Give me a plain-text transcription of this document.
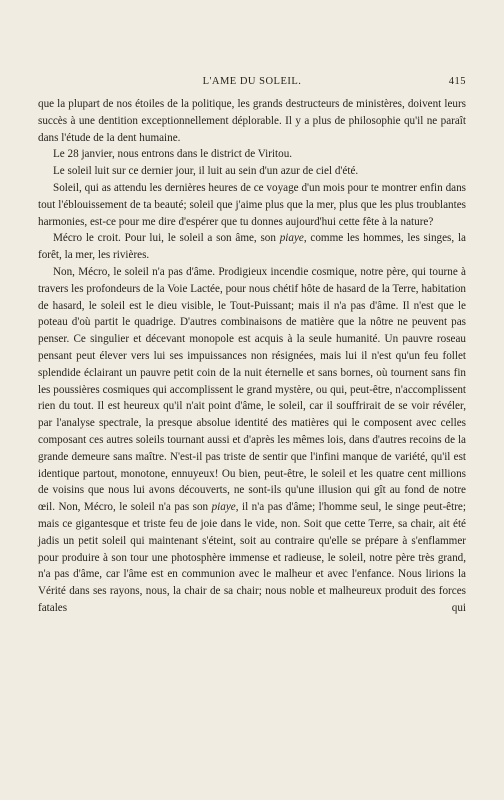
L'AME DU SOLEIL.	415

que la plupart de nos étoiles de la politique, les grands destructeurs de ministères, doivent leurs succès à une dentition exceptionnellement déplorable. Il y a plus de philosophie qu'il ne paraît dans l'étude de la dent humaine.

Le 28 janvier, nous entrons dans le district de Viritou.

Le soleil luit sur ce dernier jour, il luit au sein d'un azur de ciel d'été.

Soleil, qui as attendu les dernières heures de ce voyage d'un mois pour te montrer enfin dans tout l'éblouissement de ta beauté; soleil que j'aime plus que la mer, plus que les plus troublantes harmonies, est-ce pour me dire d'espérer que tu donnes aujourd'hui cette fête à la nature?

Mécro le croit. Pour lui, le soleil a son âme, son piaye, comme les hommes, les singes, la forêt, la mer, les rivières.

Non, Mécro, le soleil n'a pas d'âme. Prodigieux incendie cosmique, notre père, qui tourne à travers les profondeurs de la Voie Lactée, pour nous chétif hôte de hasard de la Terre, habitation de hasard, le soleil est le dieu visible, le Tout-Puissant; mais il n'a pas d'âme. Il n'est que le poteau d'où partit le quadrige. D'autres combinaisons de matière que la nôtre ne peuvent pas penser. Ce singulier et décevant monopole est acquis à la seule humanité. Un pauvre roseau pensant peut élever vers lui ses impuissances non résignées, mais lui il n'est qu'un feu follet splendide éclairant un pauvre petit coin de la nuit éternelle et sans bornes, où tournent sans fin les poussières cosmiques qui accomplissent le grand mystère, ou qui, peut-être, n'accomplissent rien du tout. Il est heureux qu'il n'ait point d'âme, le soleil, car il souffrirait de se voir révéler, par l'analyse spectrale, la presque absolue identité des matières qui le composent avec celles composant ces autres soleils tournant aussi et d'après les mêmes lois, dans d'autres recoins de la grande demeure sans maître. N'est-il pas triste de sentir que l'infini manque de variété, qu'il est identique partout, monotone, ennuyeux! Ou bien, peut-être, le soleil et les quatre cent millions de voisins que nous lui avons découverts, ne sont-ils qu'une illusion qui gît au fond de notre œil. Non, Mécro, le soleil n'a pas son piaye, il n'a pas d'âme; l'homme seul, le singe peut-être; mais ce gigantesque et triste feu de joie dans le vide, non. Soit que cette Terre, sa chair, ait été jadis un petit soleil qui maintenant s'éteint, soit au contraire qu'elle se prépare à s'enflammer pour produire à son tour une photosphère immense et radieuse, le soleil, notre père très grand, n'a pas d'âme, car l'âme est en communion avec le malheur et avec l'enfance. Nous lirions la Vérité dans ses rayons, nous, la chair de sa chair; nous noble et malheureux produit des forces fatales qui
